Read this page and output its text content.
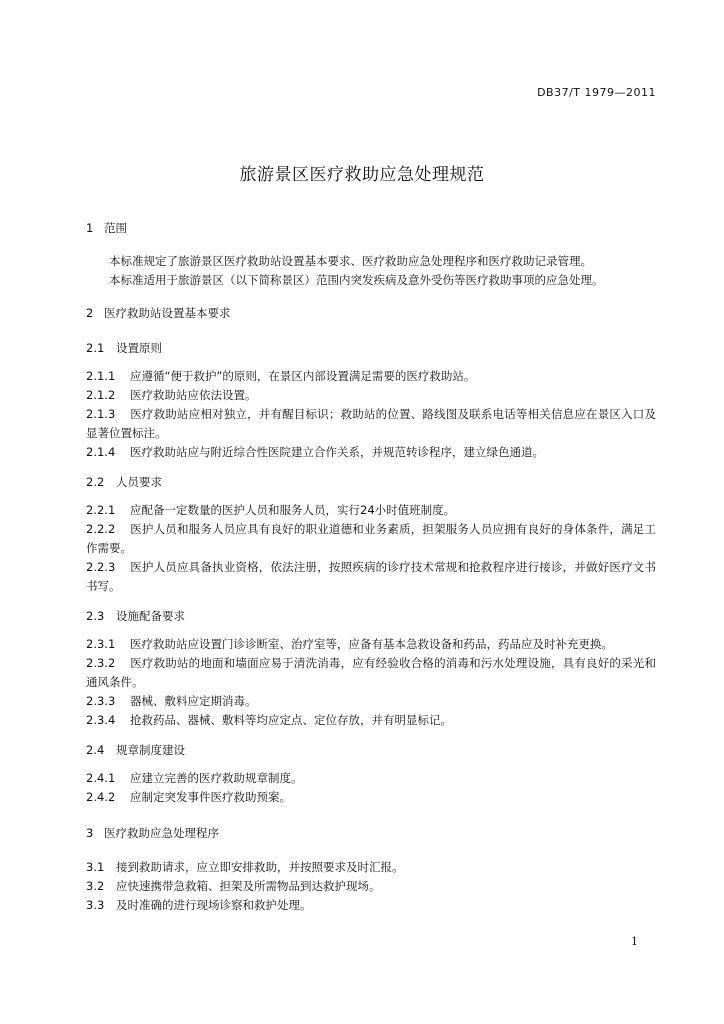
DB37/T 1979—2011
旅游景区医疗救助应急处理规范
1 范围

本标准规定了旅游景区医疗救助站设置基本要求、医疗救助应急处理程序和医疗救助记录管理。

本标准适用于旅游景区（以下简称景区）范围内突发疾病及意外受伤等医疗救助事项的应急处理。

2 医疗救助站设置基本要求
2.1 设置原则

2.1.1 应遵循“便于救护”的原则，在景区内部设置满足需要的医疗救助站。

2.1.2 医疗救助站应依法设置。

2.1.3 医疗救助站应相对独立，并有醒目标识；救助站的位置、路线图及联系电话等相关信息应在景区入口及显著位置标注。

2.1.4 医疗救助站应与附近综合性医院建立合作关系，并规范转诊程序，建立绿色通道。

2.2 人员要求

2.2.1 应配备一定数量的医护人员和服务人员，实行24小时值班制度。

2.2.2 医护人员和服务人员应具有良好的职业道德和业务素质，担架服务人员应拥有良好的身体条件，满足工作需要。

2.2.3 医护人员应具备执业资格，依法注册，按照疾病的诊疗技术常规和抢救程序进行接诊，并做好医疗文书书写。

2.3 设施配备要求

2.3.1 医疗救助站应设置门诊诊断室、治疗室等，应备有基本急救设备和药品，药品应及时补充更换。

2.3.2 医疗救助站的地面和墙面应易于清洗消毒，应有经验收合格的消毒和污水处理设施，具有良好的采光和通风条件。

2.3.3 器械、敷料应定期消毒。

2.3.4 抢救药品、器械、敷料等均应定点、定位存放，并有明显标记。

2.4 规章制度建设

2.4.1 应建立完善的医疗救助规章制度。

2.4.2 应制定突发事件医疗救助预案。

3 医疗救助应急处理程序

3.1 接到救助请求，应立即安排救助，并按照要求及时汇报。

3.2 应快速携带急救箱、担架及所需物品到达救护现场。

3.3 及时准确的进行现场诊察和救护处理。

1
